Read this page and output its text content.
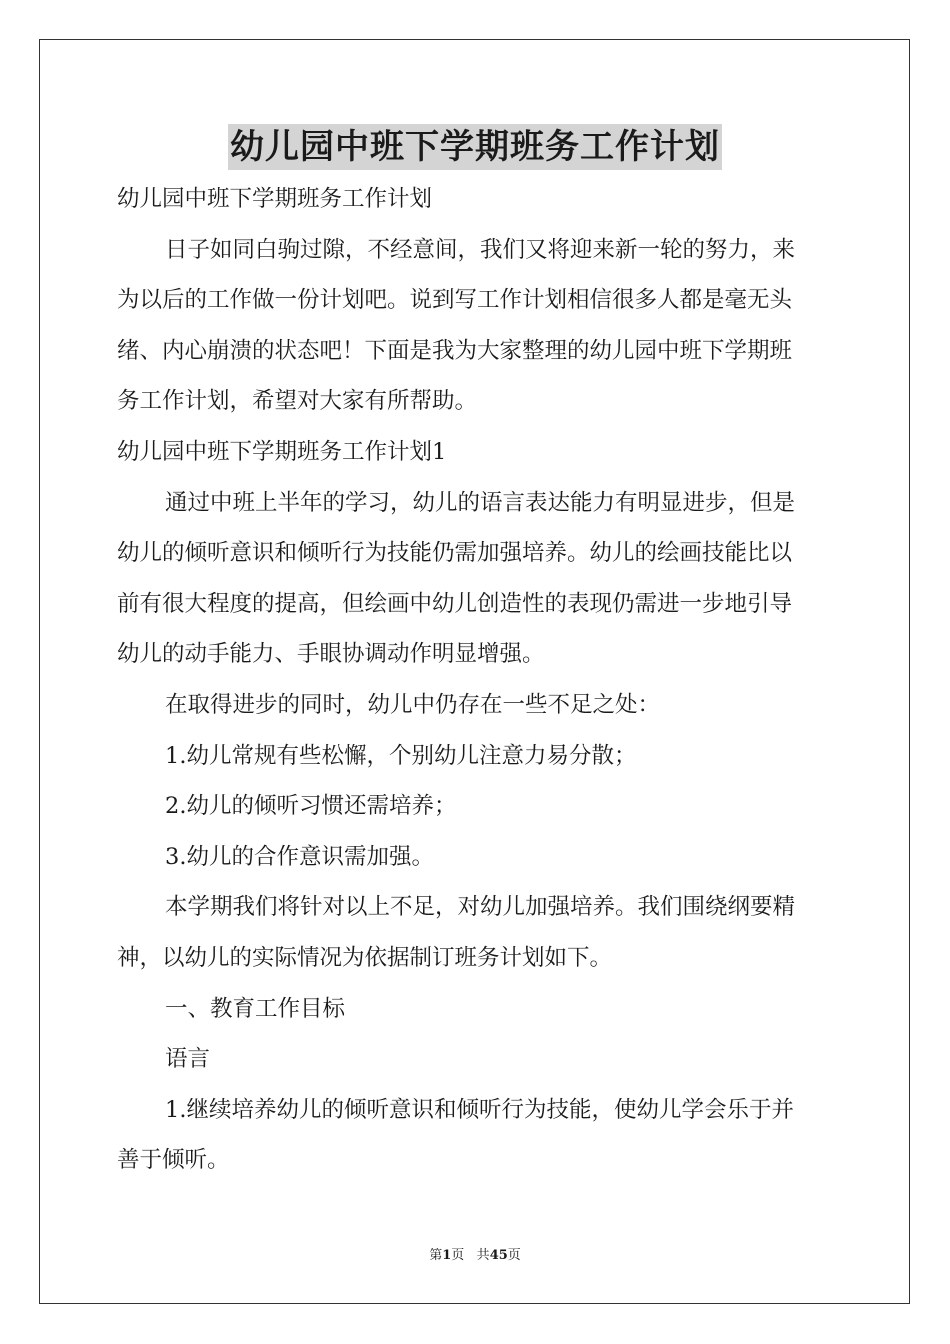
幼儿园中班下学期班务工作计划
幼儿园中班下学期班务工作计划
日子如同白驹过隙，不经意间，我们又将迎来新一轮的努力，来
为以后的工作做一份计划吧。说到写工作计划相信很多人都是毫无头
绪、内心崩溃的状态吧！下面是我为大家整理的幼儿园中班下学期班
务工作计划，希望对大家有所帮助。
幼儿园中班下学期班务工作计划1
通过中班上半年的学习，幼儿的语言表达能力有明显进步，但是
幼儿的倾听意识和倾听行为技能仍需加强培养。幼儿的绘画技能比以
前有很大程度的提高，但绘画中幼儿创造性的表现仍需进一步地引导
幼儿的动手能力、手眼协调动作明显增强。
在取得进步的同时，幼儿中仍存在一些不足之处：
1.幼儿常规有些松懈，个别幼儿注意力易分散；
2.幼儿的倾听习惯还需培养；
3.幼儿的合作意识需加强。
本学期我们将针对以上不足，对幼儿加强培养。我们围绕纲要精
神，以幼儿的实际情况为依据制订班务计划如下。
一、教育工作目标
语言
1.继续培养幼儿的倾听意识和倾听行为技能，使幼儿学会乐于并
善于倾听。
第1页 共45页
